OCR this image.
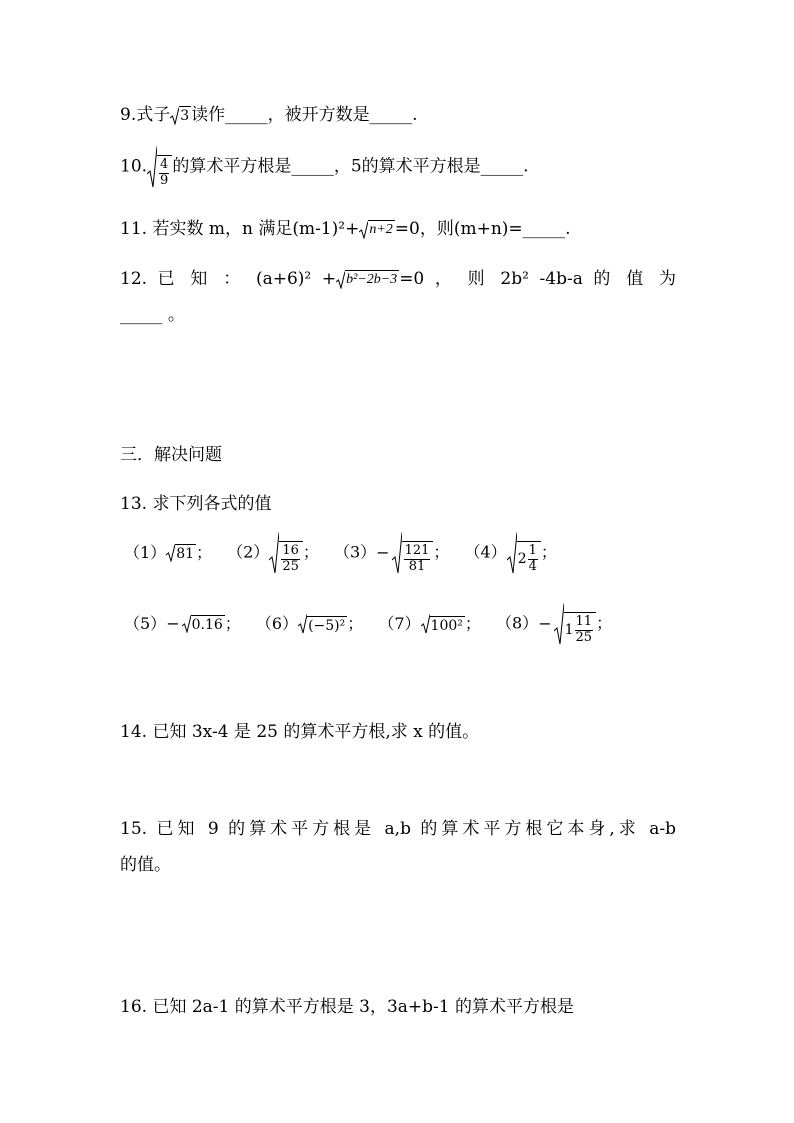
9.式子 3 读作_____，被开方数是_____.
10. $\frac{4}{9}$ 的算术平方根是_____，5的算术平方根是_____.
11. 若实数 m，n 满足(m-1)²+ n+2 =0，则(m+n)=_____.
12. 已 知 ： (a+6)² + b²−2b−3 =0 ， 则 2b² -4b-a 的 值 为
_____ 。
三．解决问题
13. 求下列各式的值
（1） 81 ； $(2) \frac{16}{25}$ ； $(3)- \frac{121}{81}$ ； （4） $2 \frac{1}{4}$ ；
（5）− 0.16 ； （6） (−5)² ； （7） 100² ； $(8)- 1 \frac{11}{25}$ ；
14. 已知 3x-4 是 25 的算术平方根,求 x 的值。
15. 已知 9 的算术平方根是 a,b 的算术平方根它本身,求 a-b
的值。
16. 已知 2a-1 的算术平方根是 3，3a+b-1 的算术平方根是
